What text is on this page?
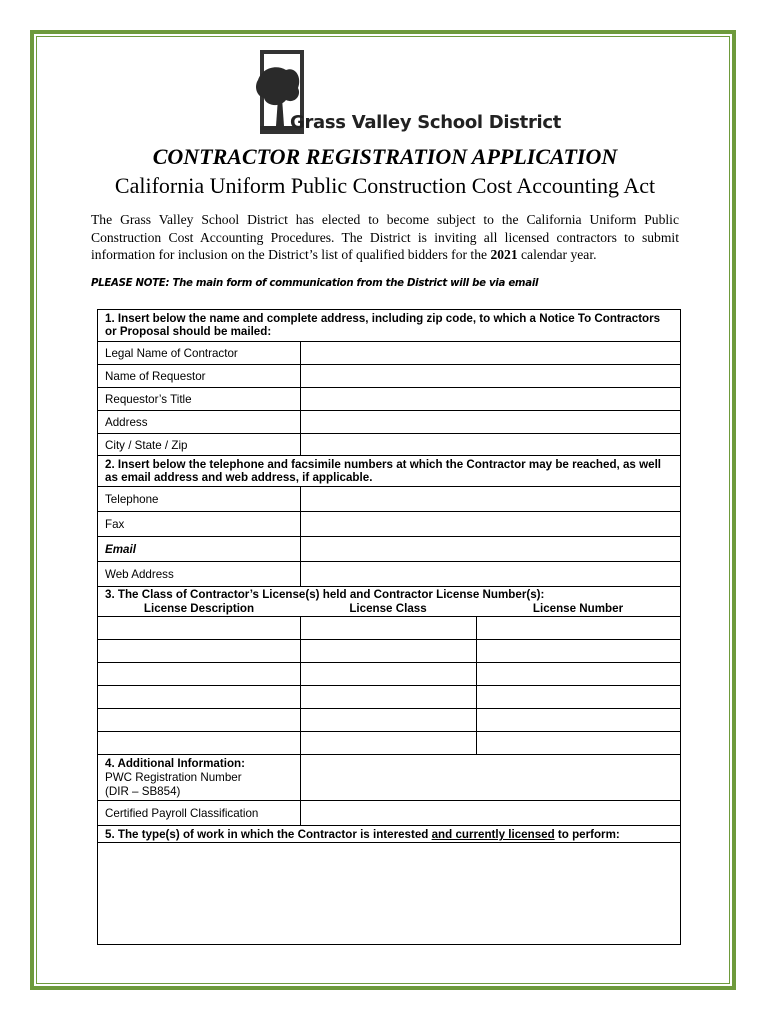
Grass Valley School District
CONTRACTOR REGISTRATION APPLICATION
California Uniform Public Construction Cost Accounting Act
The Grass Valley School District has elected to become subject to the California Uniform Public Construction Cost Accounting Procedures. The District is inviting all licensed contractors to submit information for inclusion on the District’s list of qualified bidders for the 2021 calendar year.
PLEASE NOTE: The main form of communication from the District will be via email
1. Insert below the name and complete address, including zip code, to which a Notice To Contractors or Proposal should be mailed:
Legal Name of Contractor
Name of Requestor
Requestor’s Title
Address
City / State / Zip
2. Insert below the telephone and facsimile numbers at which the Contractor may be reached, as well as email address and web address, if applicable.
Telephone
Fax
Email
Web Address
3. The Class of Contractor’s License(s) held and Contractor License Number(s):
License Description	License Class	License Number
4. Additional Information:
PWC Registration Number
(DIR – SB854)
Certified Payroll Classification
5. The type(s) of work in which the Contractor is interested and currently licensed to perform:
